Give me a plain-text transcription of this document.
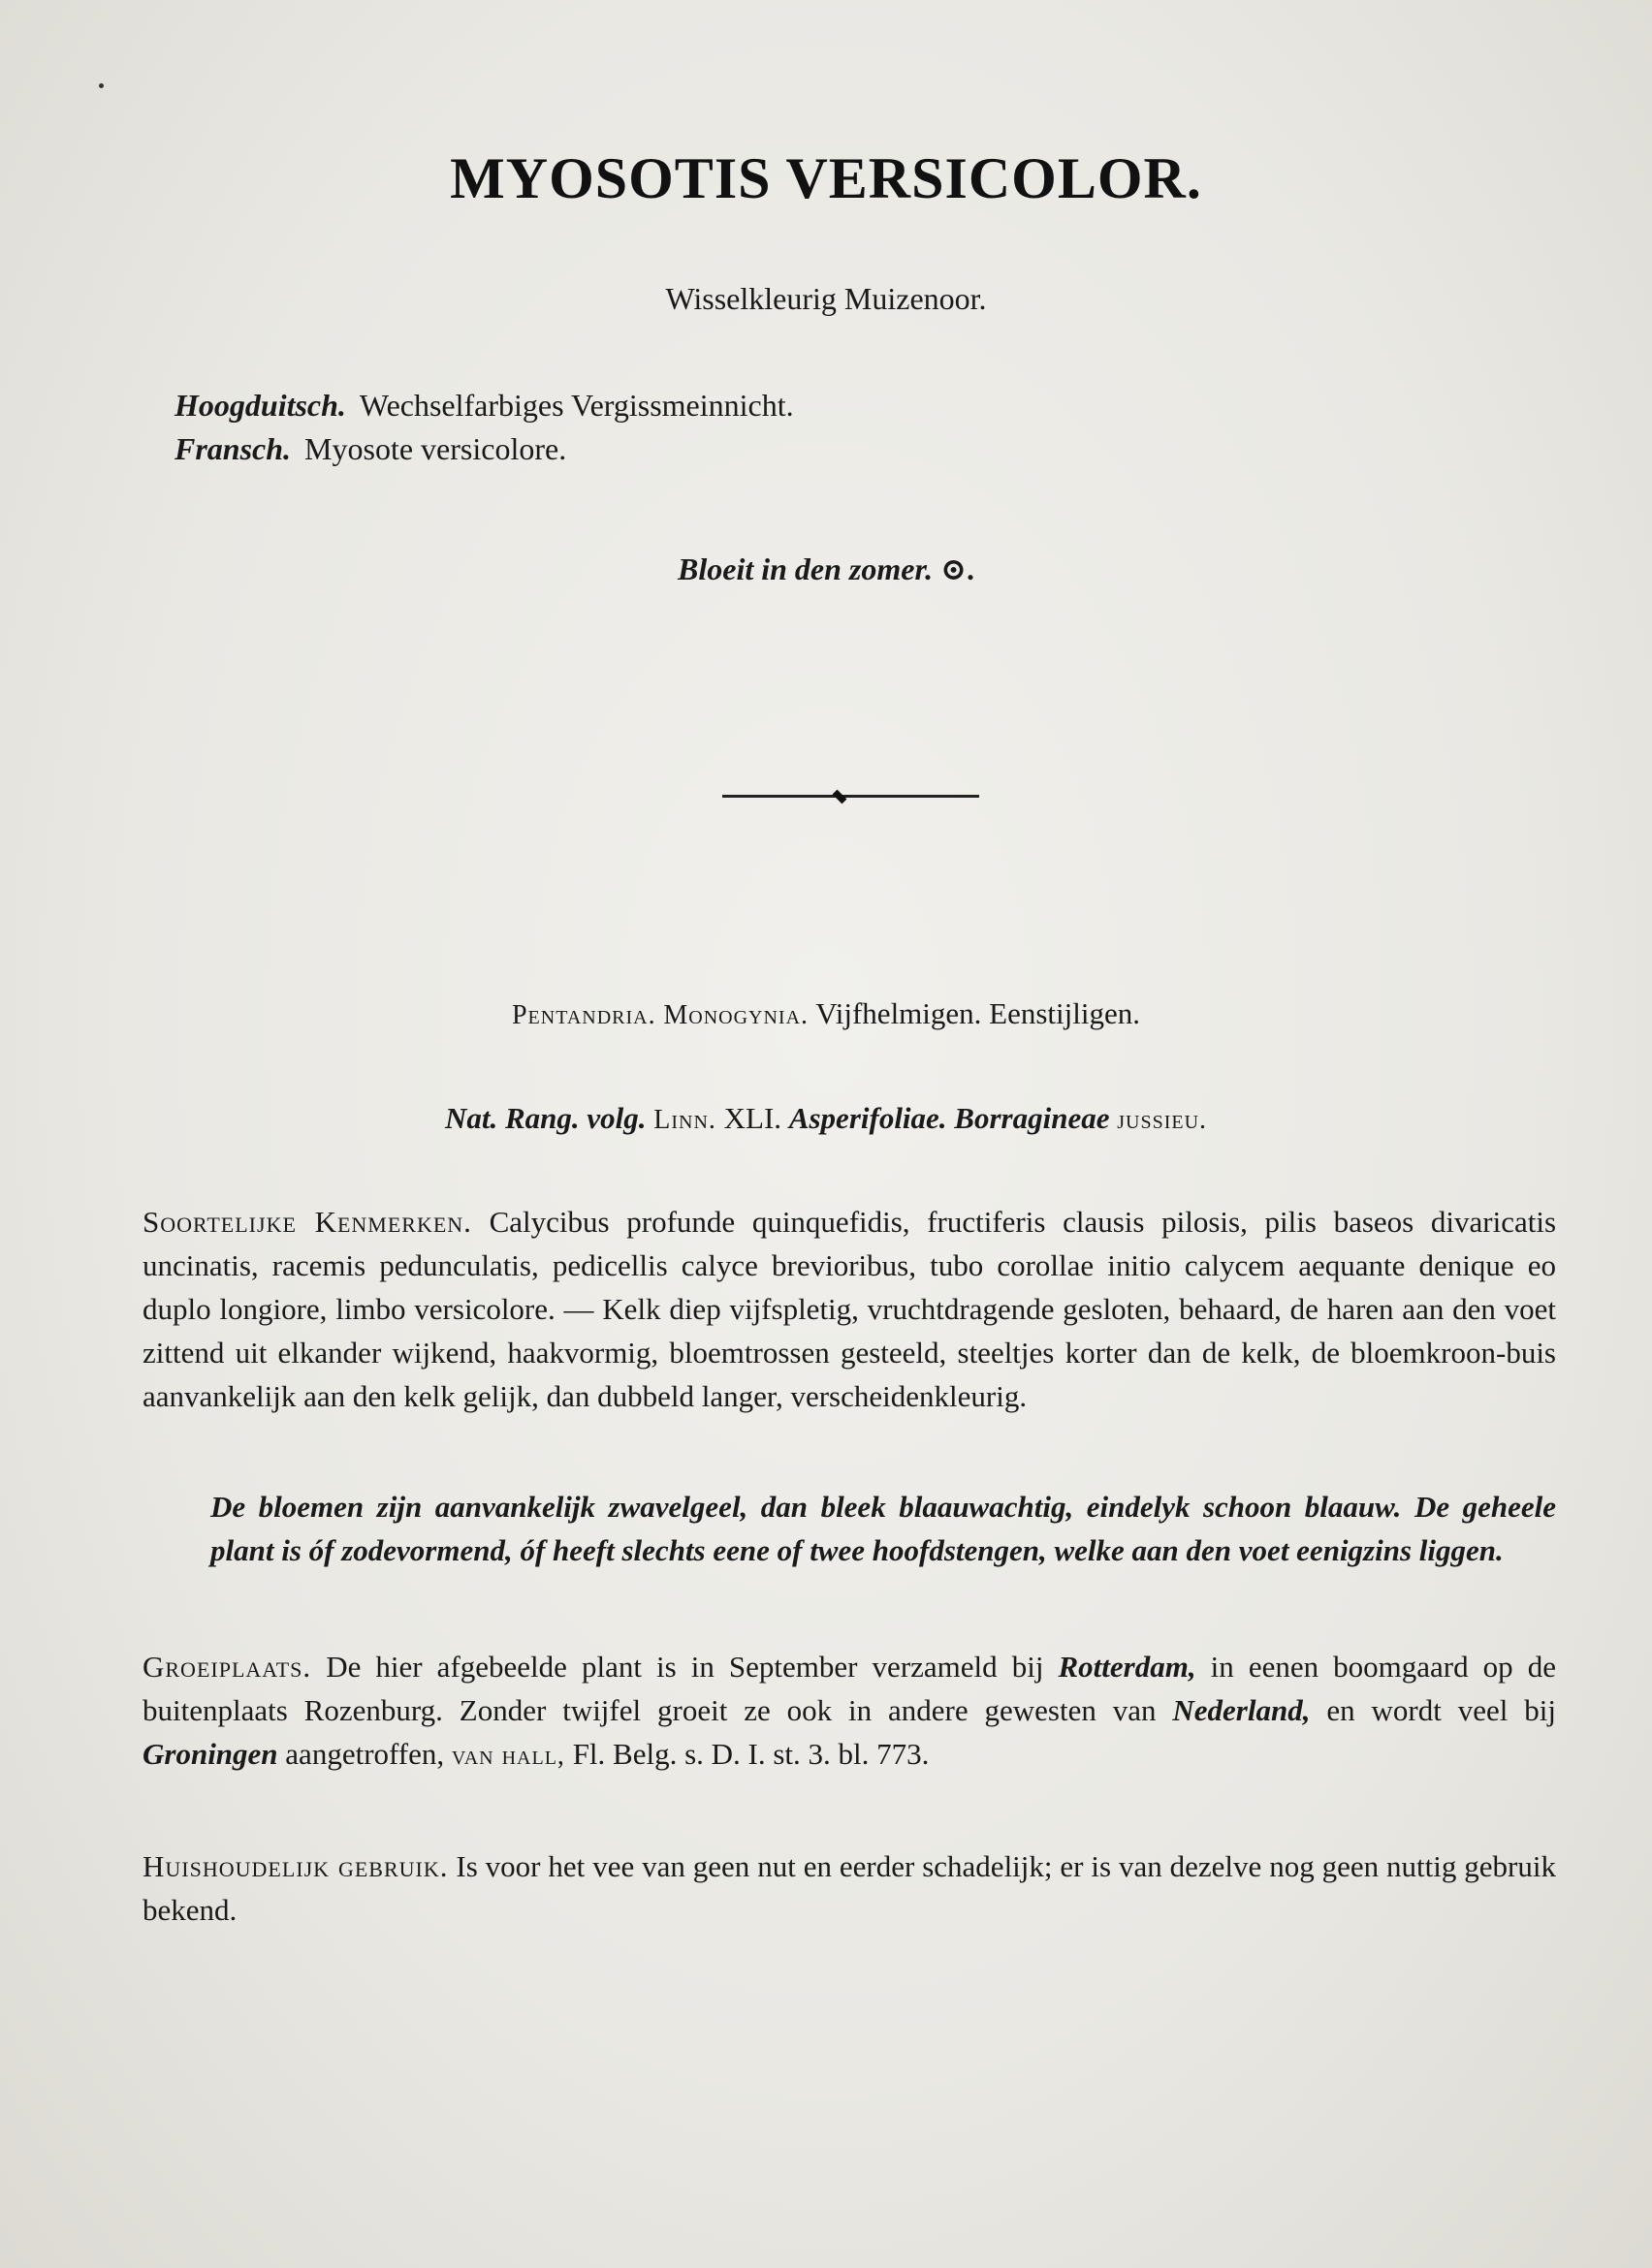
MYOSOTIS VERSICOLOR.
Wisselkleurig Muizenoor.
Hoogduitsch. Wechselfarbiges Vergissmeinnicht.
Fransch. Myosote versicolore.
Bloeit in den zomer. ⊙.
Pentandria. Monogynia. Vijfhelmigen. Eenstijligen.
Nat. Rang. volg. Linn. XLI. Asperifoliae. Borragineae jussieu.

Soortelijke Kenmerken. Calycibus profunde quinquefidis, fructiferis clausis pilosis, pilis baseos divaricatis uncinatis, racemis pedunculatis, pedicellis calyce brevioribus, tubo corollae initio calycem aequante denique eo duplo longiore, limbo versicolore. — Kelk diep vijfspletig, vruchtdragende gesloten, behaard, de haren aan den voet zittend uit elkander wijkend, haakvormig, bloemtrossen gesteeld, steeltjes korter dan de kelk, de bloemkroon-buis aanvankelijk aan den kelk gelijk, dan dubbeld langer, verscheidenkleurig.

De bloemen zijn aanvankelijk zwavelgeel, dan bleek blaauwachtig, eindelyk schoon blaauw. De geheele plant is óf zodevormend, óf heeft slechts eene of twee hoofdstengen, welke aan den voet eenigzins liggen.

Groeiplaats. De hier afgebeelde plant is in September verzameld bij Rotterdam, in eenen boomgaard op de buitenplaats Rozenburg. Zonder twijfel groeit ze ook in andere gewesten van Nederland, en wordt veel bij Groningen aangetroffen, van hall, Fl. Belg. s. D. I. st. 3. bl. 773.

Huishoudelijk gebruik. Is voor het vee van geen nut en eerder schadelijk; er is van dezelve nog geen nuttig gebruik bekend.
